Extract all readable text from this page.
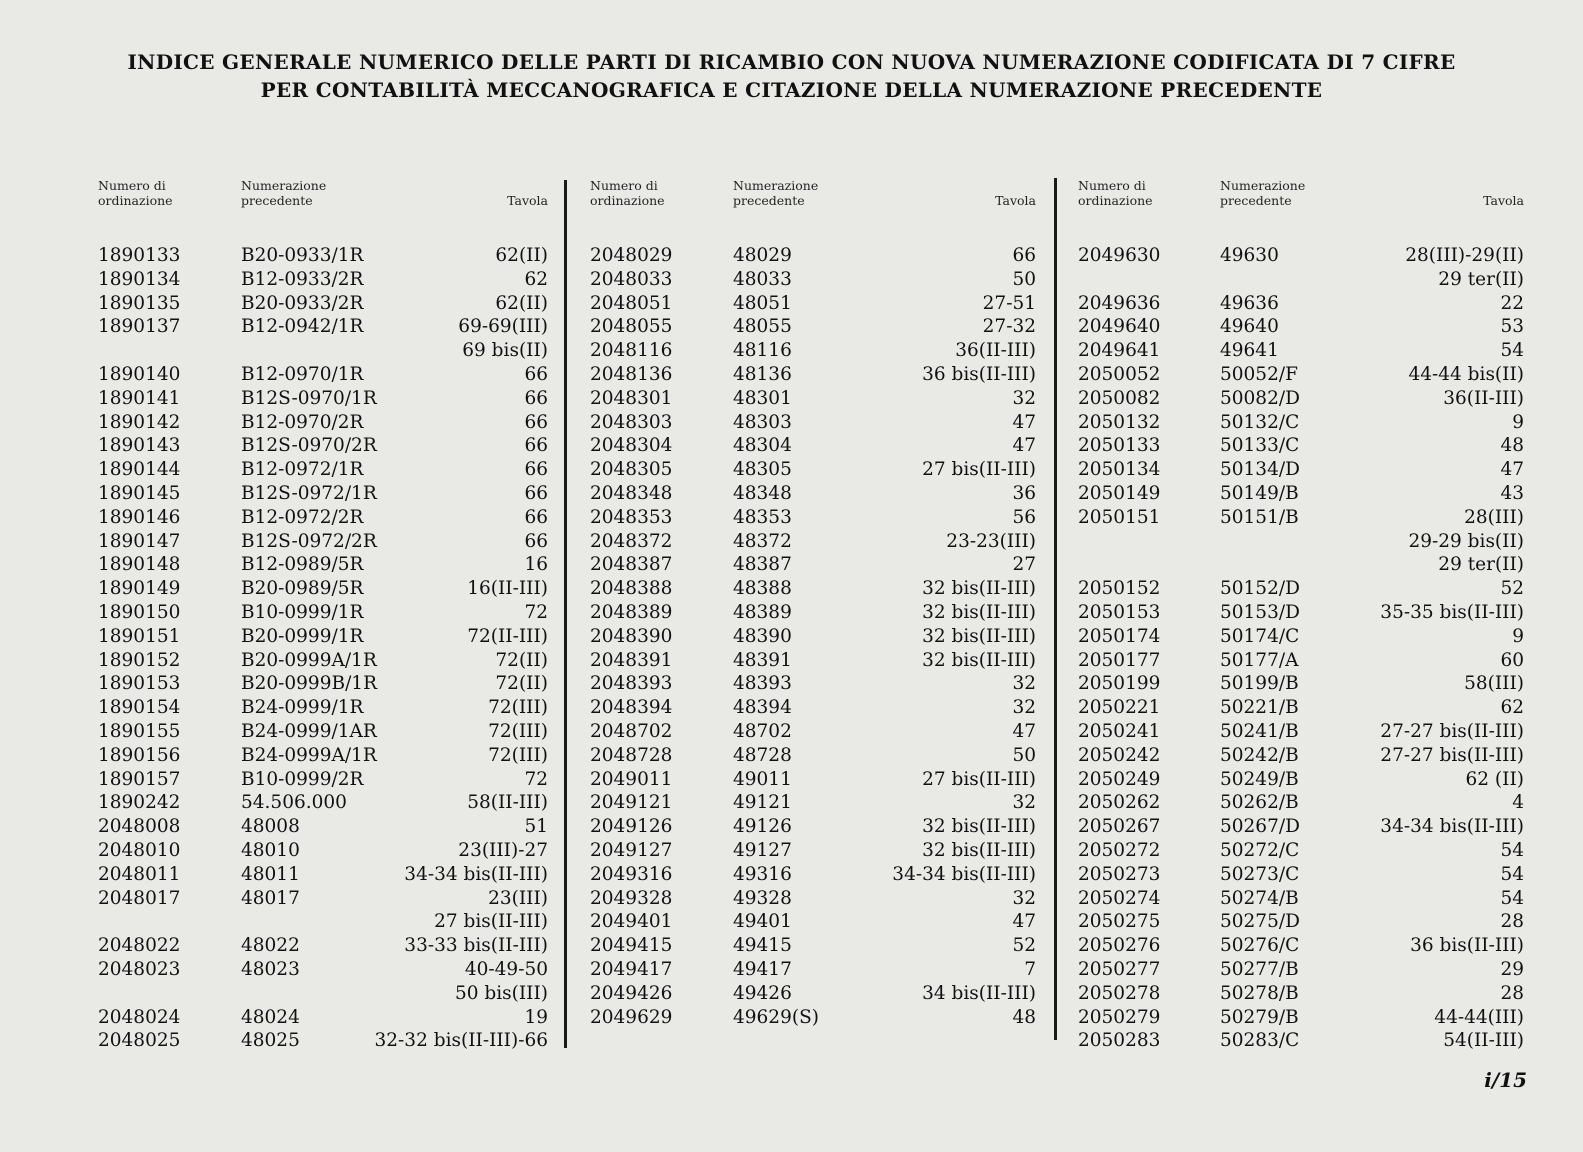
INDICE GENERALE NUMERICO DELLE PARTI DI RICAMBIO CON NUOVA NUMERAZIONE CODIFICATA DI 7 CIFRE
PER CONTABILITÀ MECCANOGRAFICA E CITAZIONE DELLA NUMERAZIONE PRECEDENTE
Numero di
ordinazione
Numerazione
precedente	Tavola
1890133	B20-0933/1R	62(II)
1890134	B12-0933/2R	62
1890135	B20-0933/2R	62(II)
1890137	B12-0942/1R	69-69(III)
69 bis(II)
1890140	B12-0970/1R	66
1890141	B12S-0970/1R	66
1890142	B12-0970/2R	66
1890143	B12S-0970/2R	66
1890144	B12-0972/1R	66
1890145	B12S-0972/1R	66
1890146	B12-0972/2R	66
1890147	B12S-0972/2R	66
1890148	B12-0989/5R	16
1890149	B20-0989/5R	16(II-III)
1890150	B10-0999/1R	72
1890151	B20-0999/1R	72(II-III)
1890152	B20-0999A/1R	72(II)
1890153	B20-0999B/1R	72(II)
1890154	B24-0999/1R	72(III)
1890155	B24-0999/1AR	72(III)
1890156	B24-0999A/1R	72(III)
1890157	B10-0999/2R	72
1890242	54.506.000	58(II-III)
2048008	48008	51
2048010	48010	23(III)-27
2048011	48011	34-34 bis(II-III)
2048017	48017	23(III)
27 bis(II-III)
2048022	48022	33-33 bis(II-III)
2048023	48023	40-49-50
50 bis(III)
2048024	48024	19
2048025	48025	32-32 bis(II-III)-66
Numero di
ordinazione
Numerazione
precedente	Tavola
2048029	48029	66
2048033	48033	50
2048051	48051	27-51
2048055	48055	27-32
2048116	48116	36(II-III)
2048136	48136	36 bis(II-III)
2048301	48301	32
2048303	48303	47
2048304	48304	47
2048305	48305	27 bis(II-III)
2048348	48348	36
2048353	48353	56
2048372	48372	23-23(III)
2048387	48387	27
2048388	48388	32 bis(II-III)
2048389	48389	32 bis(II-III)
2048390	48390	32 bis(II-III)
2048391	48391	32 bis(II-III)
2048393	48393	32
2048394	48394	32
2048702	48702	47
2048728	48728	50
2049011	49011	27 bis(II-III)
2049121	49121	32
2049126	49126	32 bis(II-III)
2049127	49127	32 bis(II-III)
2049316	49316	34-34 bis(II-III)
2049328	49328	32
2049401	49401	47
2049415	49415	52
2049417	49417	7
2049426	49426	34 bis(II-III)
2049629	49629(S)	48
Numero di
ordinazione
Numerazione
precedente	Tavola
2049630	49630	28(III)-29(II)
29 ter(II)
2049636	49636	22
2049640	49640	53
2049641	49641	54
2050052	50052/F	44-44 bis(II)
2050082	50082/D	36(II-III)
2050132	50132/C	9
2050133	50133/C	48
2050134	50134/D	47
2050149	50149/B	43
2050151	50151/B	28(III)
29-29 bis(II)
29 ter(II)
2050152	50152/D	52
2050153	50153/D	35-35 bis(II-III)
2050174	50174/C	9
2050177	50177/A	60
2050199	50199/B	58(III)
2050221	50221/B	62
2050241	50241/B	27-27 bis(II-III)
2050242	50242/B	27-27 bis(II-III)
2050249	50249/B	62 (II)
2050262	50262/B	4
2050267	50267/D	34-34 bis(II-III)
2050272	50272/C	54
2050273	50273/C	54
2050274	50274/B	54
2050275	50275/D	28
2050276	50276/C	36 bis(II-III)
2050277	50277/B	29
2050278	50278/B	28
2050279	50279/B	44-44(III)
2050283	50283/C	54(II-III)
i/15
